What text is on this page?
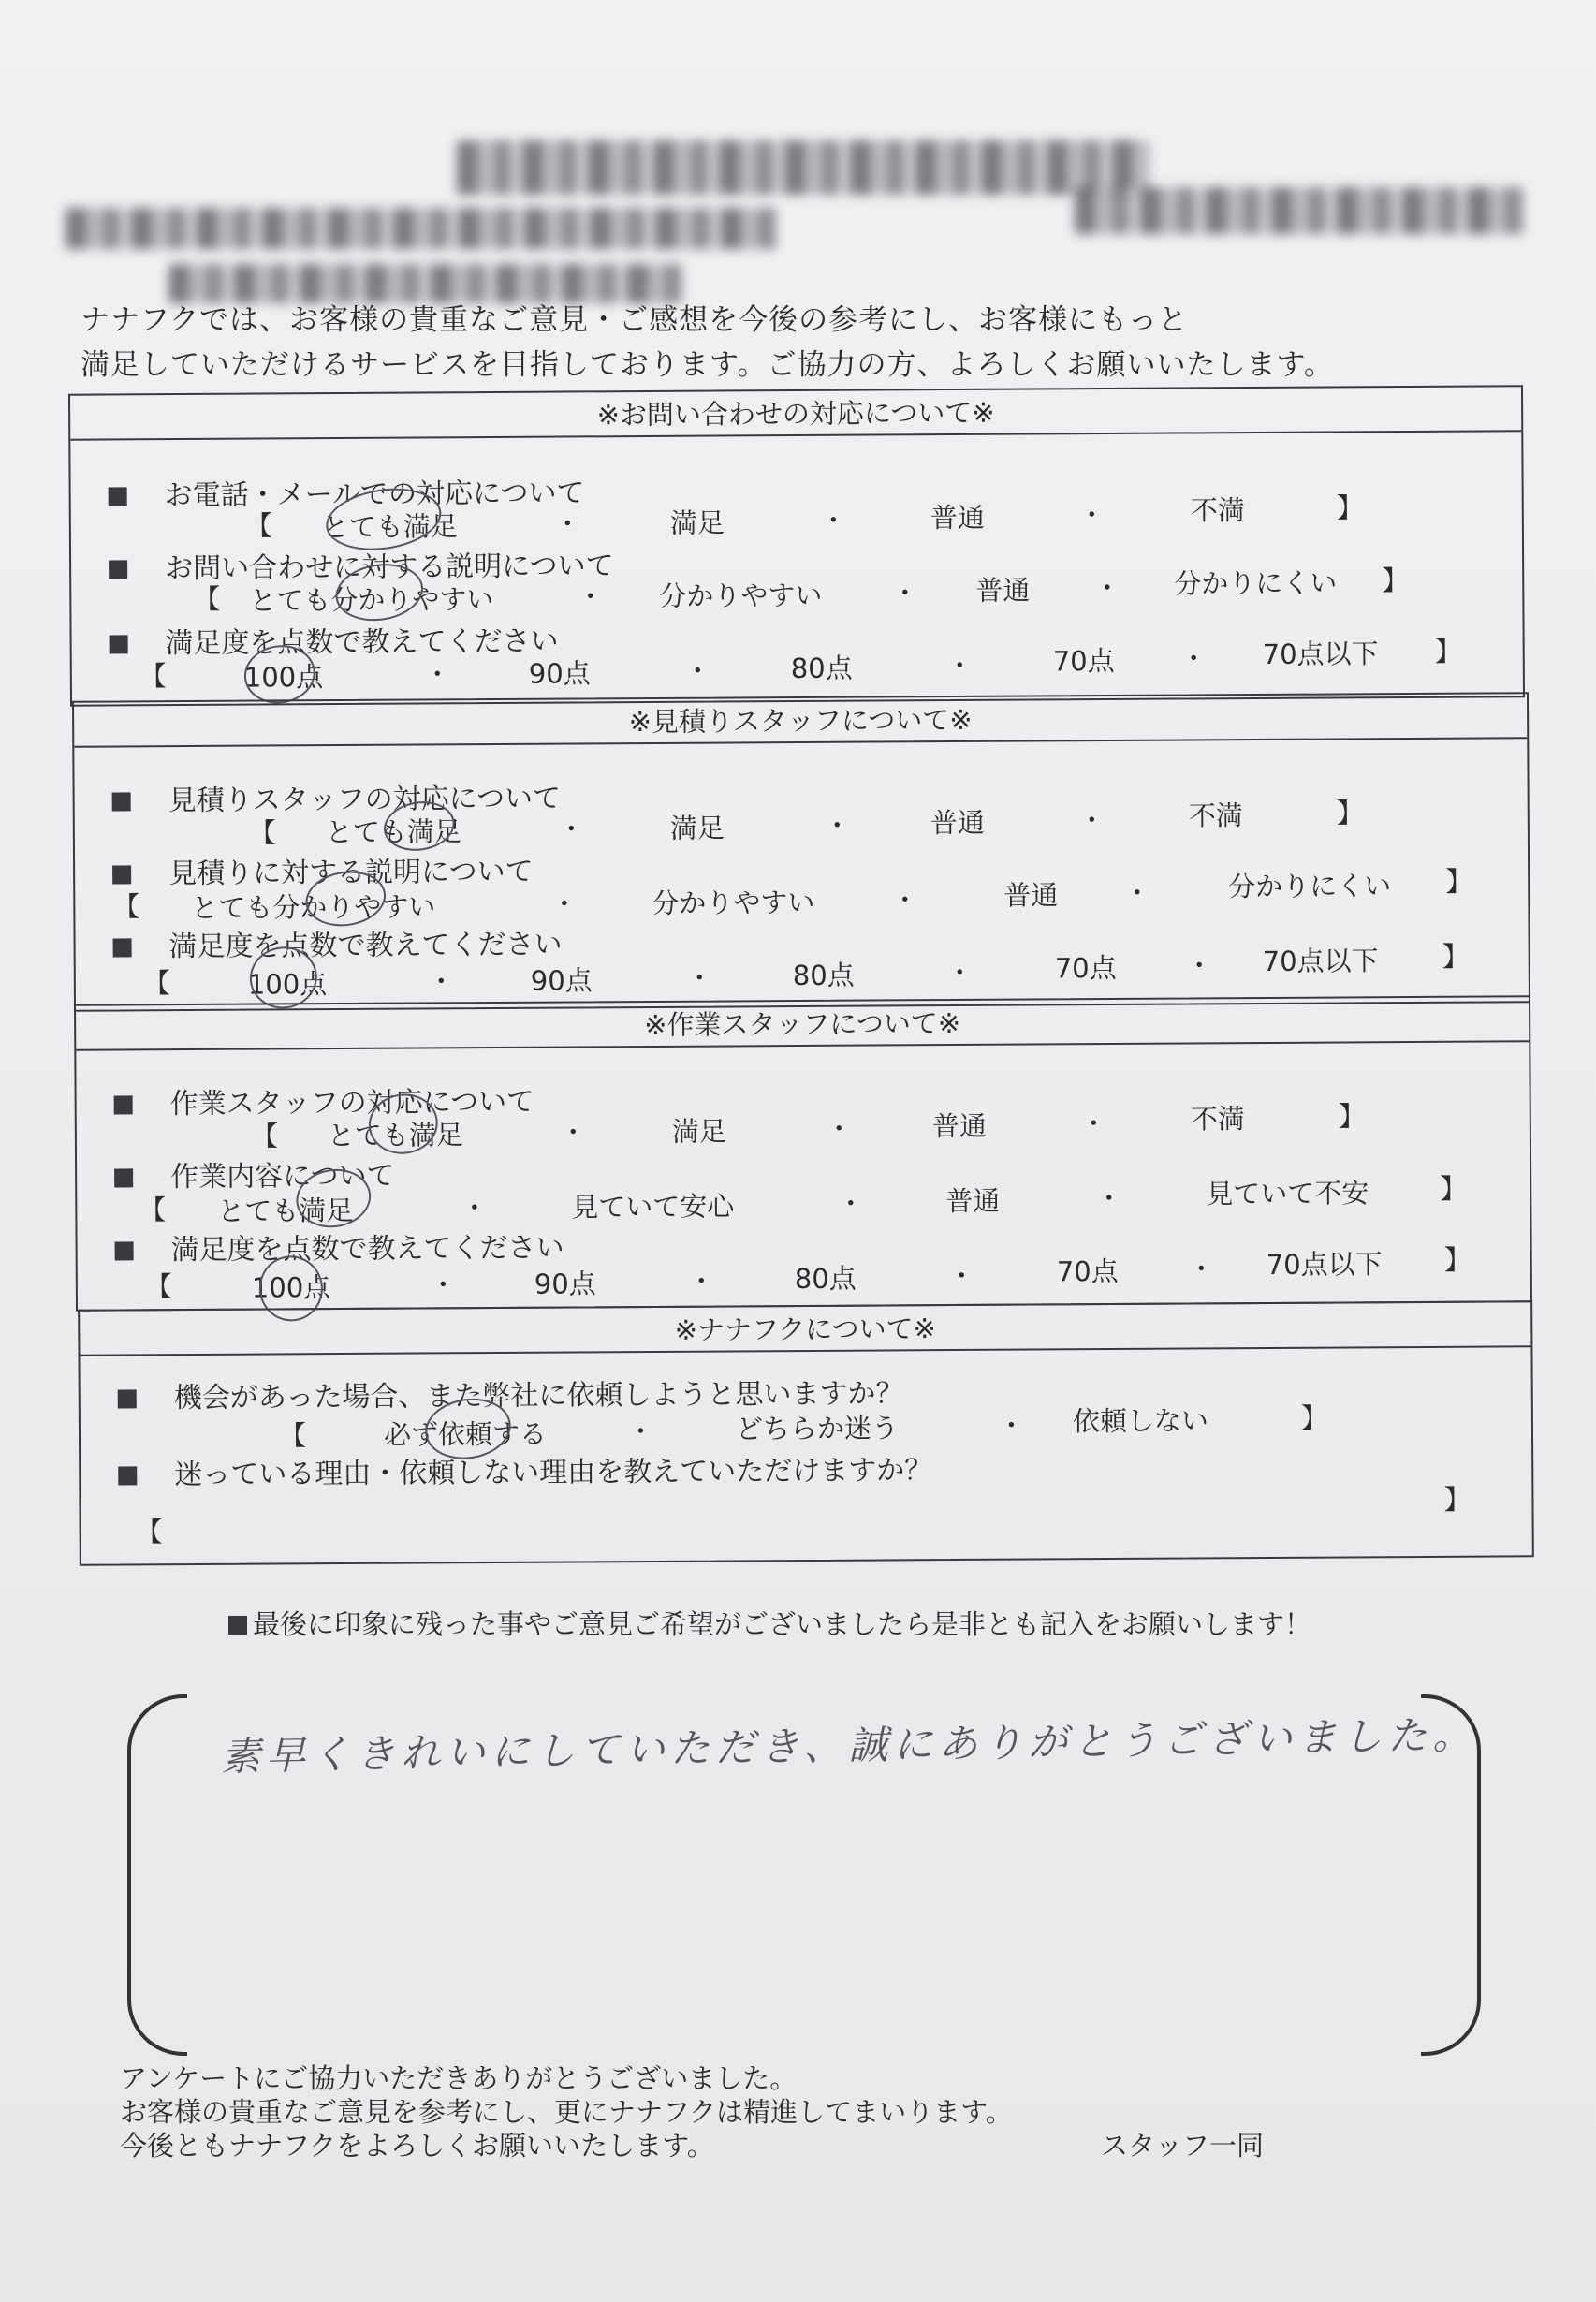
ナナフクでは、お客様の貴重なご意見・ご感想を今後の参考にし、お客様にもっと
満足していただけるサービスを目指しております。ご協力の方、よろしくお願いいたします。
※お問い合わせの対応について※
お電話・メールでの対応について
【 とても満足	・	満足	・	普通	・	不満	】
お問い合わせに対する説明について
【 とても分かりやすい	・ 分かりやすい	・ 普通 ・ 分かりにくい 】
満足度を点数で教えてください
【	100点	・	90点	・	80点	・	70点 ・ 70点以下 】
※見積りスタッフについて※
見積りスタッフの対応について
【 とても満足	・	満足	・	普通	・	不満	】
見積りに対する説明について
【 とても分かりやすい	・	分かりやすい	・	普通 ・	分かりにくい 】
満足度を点数で教えてください
【	100点	・	90点	・	80点	・	70点	・ 70点以下 】
※作業スタッフについて※
作業スタッフの対応について
【 とても満足	・	満足	・	普通	・	不満	】
作業内容について
【 とても満足	・	見ていて安心	・	普通	・	見ていて不安	】
満足度を点数で教えてください
【	100点	・	90点	・	80点	・	70点	・ 70点以下 】
※ナナフクについて※
機会があった場合、また弊社に依頼しようと思いますか？
【	必ず依頼する	・	どちらか迷う	・ 依頼しない	】
迷っている理由・依頼しない理由を教えていただけますか？
【
】
最後に印象に残った事やご意見ご希望がございましたら是非とも記入をお願いします！
素早くきれいにしていただき、誠にありがとうございました。
アンケートにご協力いただきありがとうございました。
お客様の貴重なご意見を参考にし、更にナナフクは精進してまいります。
今後ともナナフクをよろしくお願いいたします。	スタッフ一同
